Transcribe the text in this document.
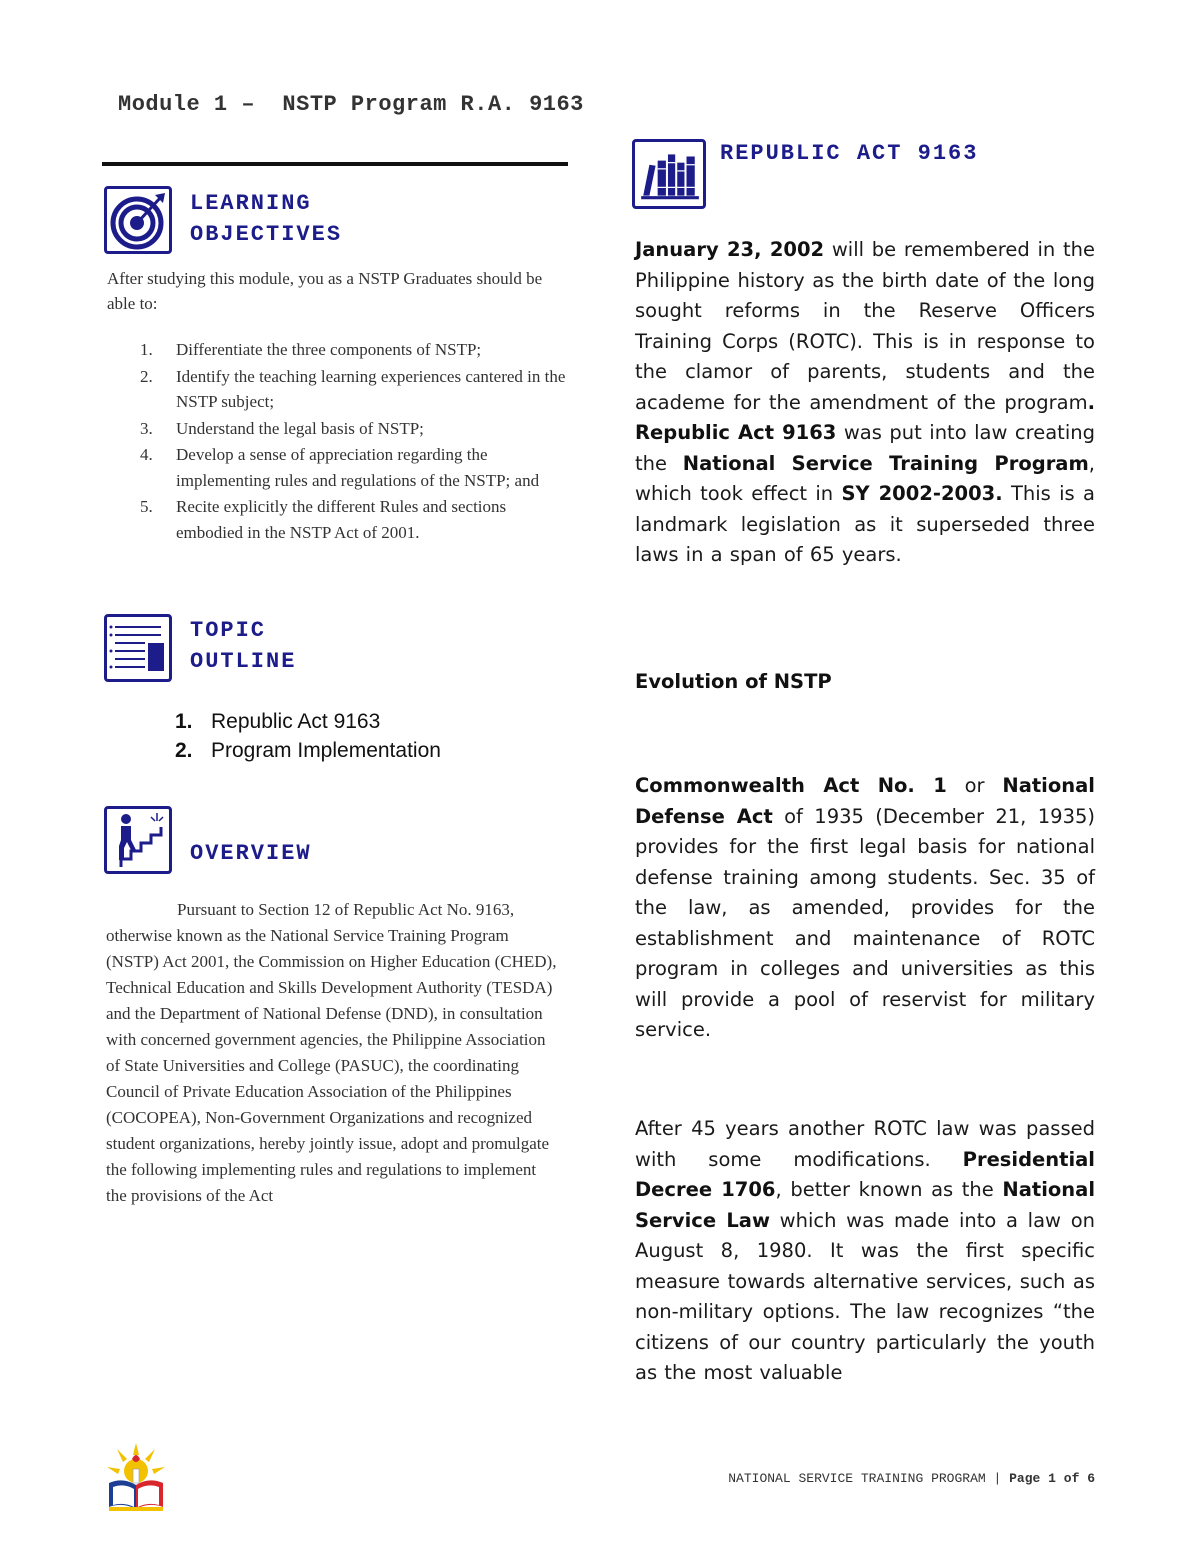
Module 1 –  NSTP Program R.A. 9163
LEARNING
OBJECTIVES
After studying this module, you as a NSTP Graduates should be able to:
1. Differentiate the three components of NSTP;
2. Identify the teaching learning experiences cantered in the NSTP subject;
3. Understand the legal basis of NSTP;
4. Develop a sense of appreciation regarding the implementing rules and regulations of the NSTP; and
5. Recite explicitly the different Rules and sections embodied in the NSTP Act of 2001.
TOPIC
OUTLINE
1. Republic Act 9163
2. Program Implementation
OVERVIEW
Pursuant to Section 12 of Republic Act No. 9163, otherwise known as the National Service Training Program (NSTP) Act 2001, the Commission on Higher Education (CHED), Technical Education and Skills Development Authority (TESDA) and the Department of National Defense (DND), in consultation with concerned government agencies, the Philippine Association of State Universities and College (PASUC), the coordinating Council of Private Education Association of the Philippines (COCOPEA), Non-Government Organizations and recognized student organizations, hereby jointly issue, adopt and promulgate the following implementing rules and regulations to implement the provisions of the Act
REPUBLIC ACT 9163
January 23, 2002 will be remembered in the Philippine history as the birth date of the long sought reforms in the Reserve Officers Training Corps (ROTC). This is in response to the clamor of parents, students and the academe for the amendment of the program. Republic Act 9163 was put into law creating the National Service Training Program, which took effect in SY 2002-2003. This is a landmark legislation as it superseded three laws in a span of 65 years.
Evolution of NSTP
Commonwealth Act No. 1 or National Defense Act of 1935 (December 21, 1935) provides for the first legal basis for national defense training among students. Sec. 35 of the law, as amended, provides for the establishment and maintenance of ROTC program in colleges and universities as this will provide a pool of reservist for military service.
After 45 years another ROTC law was passed with some modifications. Presidential Decree 1706, better known as the National Service Law which was made into a law on August 8, 1980. It was the first specific measure towards alternative services, such as non-military options. The law recognizes “the citizens of our country particularly the youth as the most valuable
NATIONAL SERVICE TRAINING PROGRAM | Page 1 of 6
